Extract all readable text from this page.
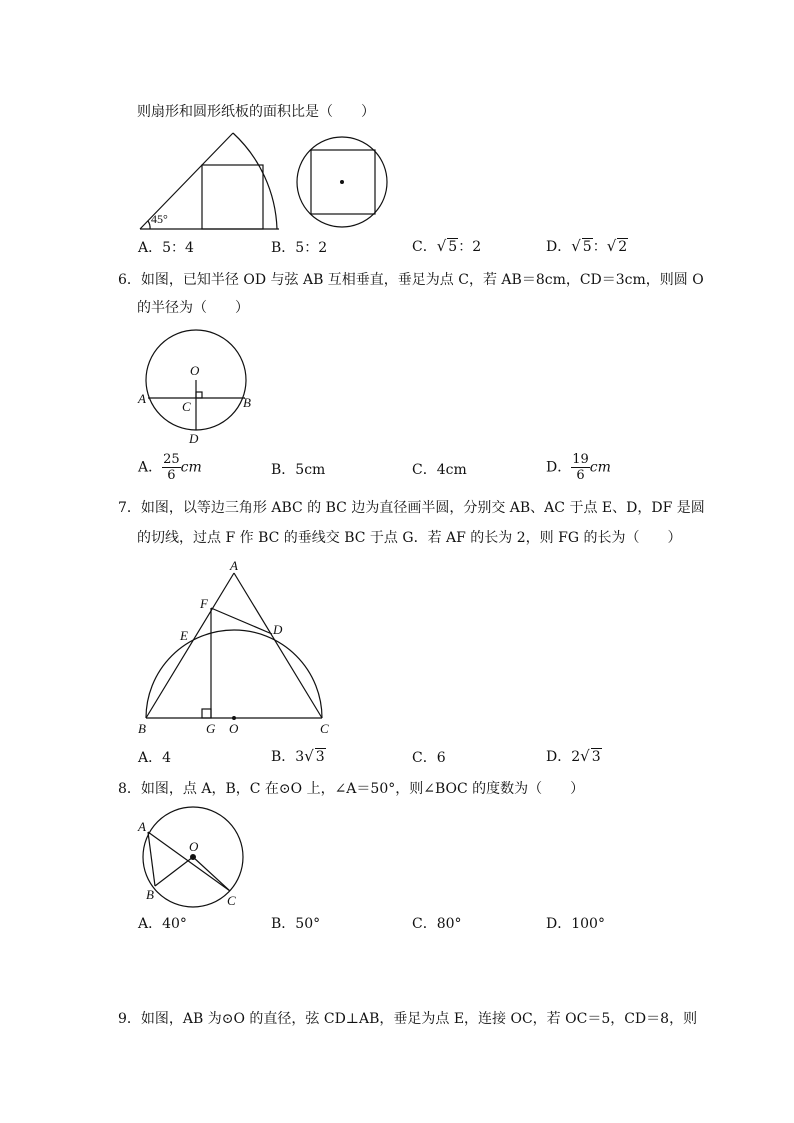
则扇形和圆形纸板的面积比是（　　）
45°
A．5：4	B．5：2	C．√ 5：2	D．√ 5：√ 2
6．如图，已知半径 OD 与弦 AB 互相垂直，垂足为点 C，若 AB＝8cm，CD＝3cm，则圆 O
的半径为（　　）
O
A	B
C
D
A． $\frac{25}{6}$ cm	B．5cm	C．4cm	D． $\frac{19}{6}$ cm
7．如图，以等边三角形 ABC 的 BC 边为直径画半圆，分别交 AB、AC 于点 E、D，DF 是圆
的切线，过点 F 作 BC 的垂线交 BC 于点 G．若 AF 的长为 2，则 FG 的长为（　　）
A
F
E	D
B	G O	C
A．4	B．3√ 3	C．6	D．2√ 3
8．如图，点 A，B，C 在⊙O 上，∠A＝50°，则∠BOC 的度数为（　　）
A
O
B	C
A．40°	B．50°	C．80°	D．100°
9．如图，AB 为⊙O 的直径，弦 CD⊥AB，垂足为点 E，连接 OC，若 OC＝5，CD＝8，则
